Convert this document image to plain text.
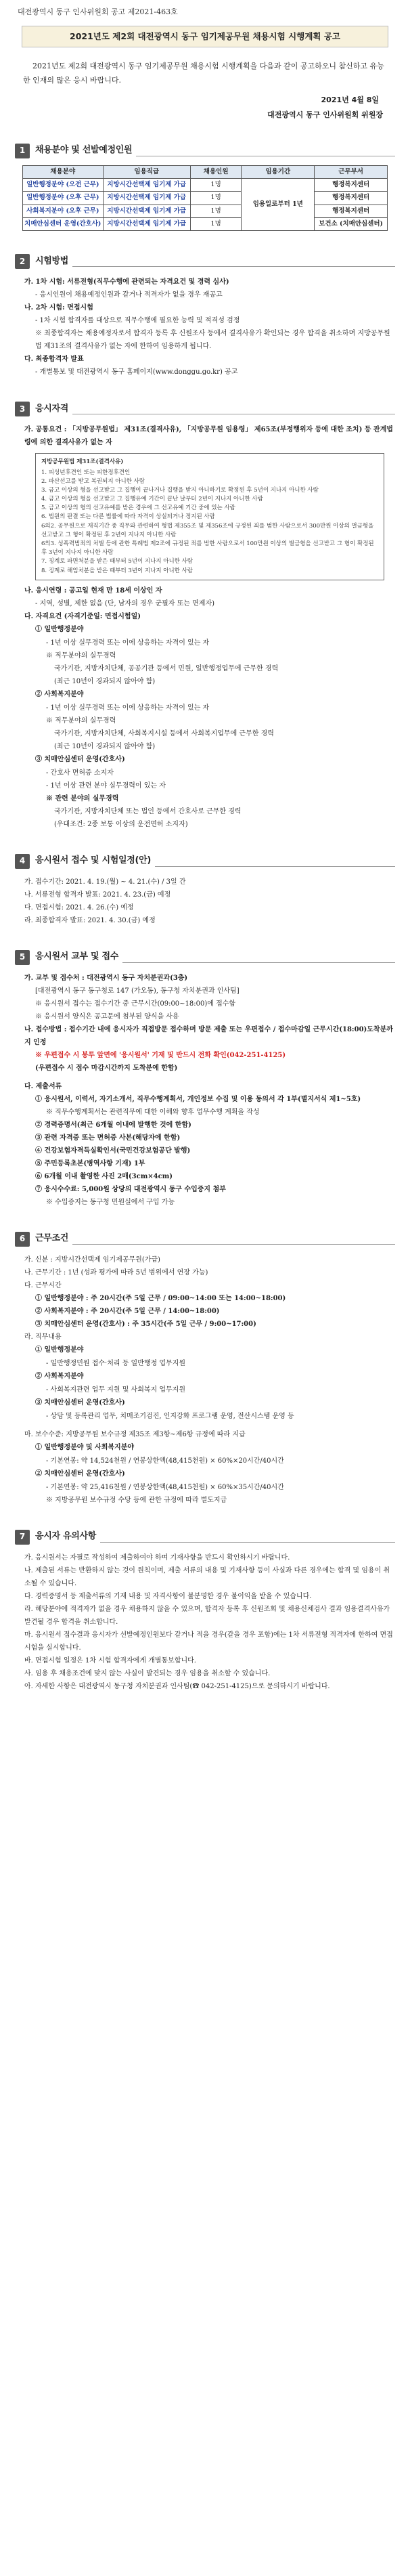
대전광역시 동구 인사위원회 공고 제2021-463호
2021년도 제2회 대전광역시 동구 임기제공무원 채용시험 시행계획 공고

2021년도 제2회 대전광역시 동구 임기제공무원 채용시험 시행계획을 다음과 같이 공고하오니 참신하고 유능한 인재의 많은 응시 바랍니다.

2021년 4월 8일
대전광역시 동구 인사위원회 위원장
1	채용분야 및 선발예정인원
채용분야	임용직급	채용인원	임용기간	근무부서
일반행정분야 (오전 근무)	지방시간선택제 임기제 가급	1명	임용일로부터 1년	행정복지센터
일반행정분야 (오후 근무)	지방시간선택제 임기제 가급	1명		행정복지센터
사회복지분야 (오후 근무)	지방시간선택제 임기제 가급	1명		행정복지센터
치매안심센터 운영(간호사)	지방시간선택제 임기제 가급	1명		보건소 (치매안심센터)
2	시험방법

가. 1차 시험: 서류전형(직무수행에 관련되는 자격요건 및 경력 심사)

- 응시인원이 채용예정인원과 같거나 적격자가 없을 경우 재공고

나. 2차 시험: 면접시험

- 1차 시험 합격자를 대상으로 직무수행에 필요한 능력 및 적격성 검정

※ 최종합격자는 채용예정자로서 합격자 등록 후 신원조사 등에서 결격사유가 확인되는 경우 합격을 취소하며 지방공무원법 제31조의 결격사유가 없는 자에 한하여 임용하게 됩니다.

다. 최종합격자 발표

- 개별통보 및 대전광역시 동구 홈페이지(www.donggu.go.kr) 공고

3	응시자격

가. 공통요건 : 「지방공무원법」 제31조(결격사유), 「지방공무원 임용령」 제65조(부정행위자 등에 대한 조치) 등 관계법령에 의한 결격사유가 없는 자

지방공무원법 제31조(결격사유)
1. 피성년후견인 또는 피한정후견인
2. 파산선고를 받고 복권되지 아니한 사람
3. 금고 이상의 형을 선고받고 그 집행이 끝나거나 집행을 받지 아니하기로 확정된 후 5년이 지나지 아니한 사람
4. 금고 이상의 형을 선고받고 그 집행유예 기간이 끝난 날부터 2년이 지나지 아니한 사람
5. 금고 이상의 형의 선고유예를 받은 경우에 그 선고유예 기간 중에 있는 사람
6. 법원의 판결 또는 다른 법률에 따라 자격이 상실되거나 정지된 사람
6의2. 공무원으로 재직기간 중 직무와 관련하여 형법 제355조 및 제356조에 규정된 죄를 범한 사람으로서 300만원 이상의 벌금형을 선고받고 그 형이 확정된 후 2년이 지나지 아니한 사람
6의3. 성폭력범죄의 처벌 등에 관한 특례법 제2조에 규정된 죄를 범한 사람으로서 100만원 이상의 벌금형을 선고받고 그 형이 확정된 후 3년이 지나지 아니한 사람
7. 징계로 파면처분을 받은 때부터 5년이 지나지 아니한 사람
8. 징계로 해임처분을 받은 때부터 3년이 지나지 아니한 사람

나. 응시연령 : 공고일 현재 만 18세 이상인 자

- 지역, 성별, 제한 없음 (단, 남자의 경우 군필자 또는 면제자)

다. 자격요건 (자격기준일: 면접시험일)

① 일반행정분야

- 1년 이상 실무경력 또는 이에 상응하는 자격이 있는 자

※ 직무분야의 실무경력

국가기관, 지방자치단체, 공공기관 등에서 민원, 일반행정업무에 근무한 경력

(최근 10년이 경과되지 않아야 함)

② 사회복지분야

- 1년 이상 실무경력 또는 이에 상응하는 자격이 있는 자

※ 직무분야의 실무경력

국가기관, 지방자치단체, 사회복지시설 등에서 사회복지업무에 근무한 경력

(최근 10년이 경과되지 않아야 함)

③ 치매안심센터 운영(간호사)

- 간호사 면허증 소지자

- 1년 이상 관련 분야 실무경력이 있는 자

※ 관련 분야의 실무경력

국가기관, 지방자치단체 또는 법인 등에서 간호사로 근무한 경력

(우대조건: 2종 보통 이상의 운전면허 소지자)

4	응시원서 접수 및 시험일정(안)

가. 접수기간: 2021. 4. 19.(월) ~ 4. 21.(수) / 3일 간

나. 서류전형 합격자 발표: 2021. 4. 23.(금) 예정

다. 면접시험: 2021. 4. 26.(수) 예정

라. 최종합격자 발표: 2021. 4. 30.(금) 예정

5	응시원서 교부 및 접수

가. 교부 및 접수처 : 대전광역시 동구 자치분권과(3층)

[대전광역시 동구 동구청로 147 (가오동), 동구청 자치분권과 인사팀]

※ 응시원서 접수는 접수기간 중 근무시간(09:00~18:00)에 접수함

※ 응시원서 양식은 공고문에 첨부된 양식을 사용

나. 접수방법 : 접수기간 내에 응시자가 직접방문 접수하며 방문 제출 또는 우편접수 / 접수마감일 근무시간(18:00)도착분까지 인정

※ 우편접수 시 봉투 앞면에 '응시원서' 기재 및 반드시 전화 확인(042-251-4125)

(우편접수 시 접수 마감시간까지 도착분에 한함)

다. 제출서류

① 응시원서, 이력서, 자기소개서, 직무수행계획서, 개인정보 수집 및 이용 동의서 각 1부(별지서식 제1~5호)

※ 직무수행계획서는 관련직무에 대한 이해와 향후 업무수행 계획을 작성

② 경력증명서(최근 6개월 이내에 발행한 것에 한함)

③ 관련 자격증 또는 면허증 사본(해당자에 한함)

④ 건강보험자격득실확인서(국민건강보험공단 발행)

⑤ 주민등록초본(병역사항 기재) 1부

⑥ 6개월 이내 촬영한 사진 2매(3cm×4cm)

⑦ 응시수수료: 5,000원 상당의 대전광역시 동구 수입증지 첨부

※ 수입증지는 동구청 민원실에서 구입 가능

6	근무조건

가. 신분 : 지방시간선택제 임기제공무원(가급)

나. 근무기간 : 1년 (성과 평가에 따라 5년 범위에서 연장 가능)

다. 근무시간

① 일반행정분야 : 주 20시간(주 5일 근무 / 09:00~14:00 또는 14:00~18:00)

② 사회복지분야 : 주 20시간(주 5일 근무 / 14:00~18:00)

③ 치매안심센터 운영(간호사) : 주 35시간(주 5일 근무 / 9:00~17:00)

라. 직무내용

① 일반행정분야

- 일반행정민원 접수·처리 등 일반행정 업무지원

② 사회복지분야

- 사회복지관련 업무 지원 및 사회복지 업무지원

③ 치매안심센터 운영(간호사)

- 상담 및 등록관리 업무, 치매조기검진, 인지강화 프로그램 운영, 전산시스템 운영 등

마. 보수수준: 지방공무원 보수규정 제35조 제3항~제6항 규정에 따라 지급

① 일반행정분야 및 사회복지분야

- 기본연봉: 약 14,524천원 / 연봉상한액(48,415천원) × 60%×20시간/40시간

② 치매안심센터 운영(간호사)

- 기본연봉: 약 25,416천원 / 연봉상한액(48,415천원) × 60%×35시간/40시간

※ 지방공무원 보수규정 수당 등에 관한 규정에 따라 별도지급

7	응시자 유의사항

가. 응시원서는 자필로 작성하여 제출하여야 하며 기재사항을 반드시 확인하시기 바랍니다.

나. 제출된 서류는 반환하지 않는 것이 원칙이며, 제출 서류의 내용 및 기재사항 등이 사실과 다른 경우에는 합격 및 임용이 취소될 수 있습니다.

다. 경력증명서 등 제출서류의 기재 내용 및 자격사항이 불분명한 경우 불이익을 받을 수 있습니다.

라. 해당분야에 적격자가 없을 경우 채용하지 않을 수 있으며, 합격자 등록 후 신원조회 및 채용신체검사 결과 임용결격사유가 발견될 경우 합격을 취소합니다.

마. 응시원서 접수결과 응시자가 선발예정인원보다 같거나 적을 경우(같을 경우 포함)에는 1차 서류전형 적격자에 한하여 면접시험을 실시합니다.

바. 면접시험 일정은 1차 시험 합격자에게 개별통보합니다.

사. 임용 후 채용조건에 맞지 않는 사실이 발견되는 경우 임용을 취소할 수 있습니다.

아. 자세한 사항은 대전광역시 동구청 자치분권과 인사팀(☎ 042-251-4125)으로 문의하시기 바랍니다.
